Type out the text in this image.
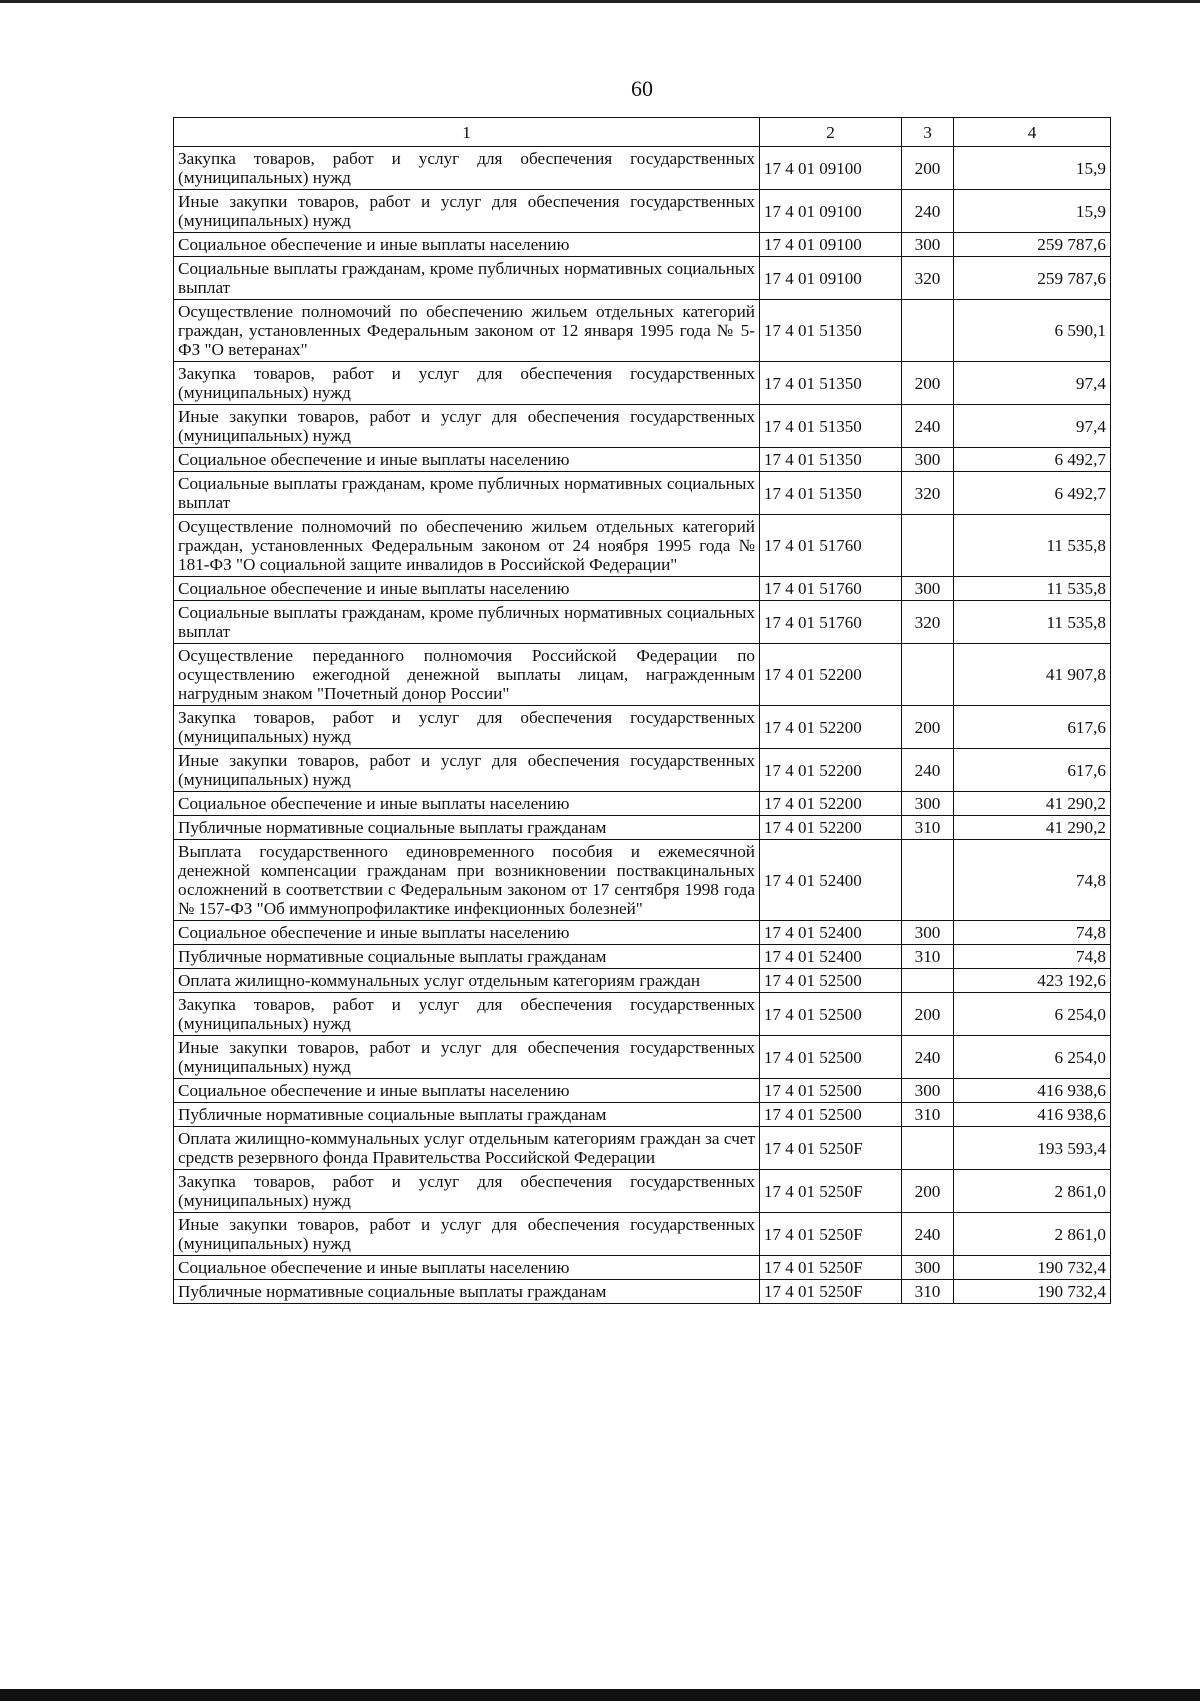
60
1	2	3	4
Закупка товаров, работ и услуг для обеспечения государственных (муниципальных) нужд	17 4 01 09100	200	15,9
Иные закупки товаров, работ и услуг для обеспечения государственных (муниципальных) нужд	17 4 01 09100	240	15,9
Социальное обеспечение и иные выплаты населению	17 4 01 09100	300	259 787,6
Социальные выплаты гражданам, кроме публичных нормативных социальных выплат	17 4 01 09100	320	259 787,6
Осуществление полномочий по обеспечению жильем отдельных категорий граждан, установленных Федеральным законом от 12 января 1995 года № 5-ФЗ "О ветеранах"	17 4 01 51350		6 590,1
Закупка товаров, работ и услуг для обеспечения государственных (муниципальных) нужд	17 4 01 51350	200	97,4
Иные закупки товаров, работ и услуг для обеспечения государственных (муниципальных) нужд	17 4 01 51350	240	97,4
Социальное обеспечение и иные выплаты населению	17 4 01 51350	300	6 492,7
Социальные выплаты гражданам, кроме публичных нормативных социальных выплат	17 4 01 51350	320	6 492,7
Осуществление полномочий по обеспечению жильем отдельных категорий граждан, установленных Федеральным законом от 24 ноября 1995 года № 181-ФЗ "О социальной защите инвалидов в Российской Федерации"	17 4 01 51760		11 535,8
Социальное обеспечение и иные выплаты населению	17 4 01 51760	300	11 535,8
Социальные выплаты гражданам, кроме публичных нормативных социальных выплат	17 4 01 51760	320	11 535,8
Осуществление переданного полномочия Российской Федерации по осуществлению ежегодной денежной выплаты лицам, награжденным нагрудным знаком "Почетный донор России"	17 4 01 52200		41 907,8
Закупка товаров, работ и услуг для обеспечения государственных (муниципальных) нужд	17 4 01 52200	200	617,6
Иные закупки товаров, работ и услуг для обеспечения государственных (муниципальных) нужд	17 4 01 52200	240	617,6
Социальное обеспечение и иные выплаты населению	17 4 01 52200	300	41 290,2
Публичные нормативные социальные выплаты гражданам	17 4 01 52200	310	41 290,2
Выплата государственного единовременного пособия и ежемесячной денежной компенсации гражданам при возникновении поствакцинальных осложнений в соответствии с Федеральным законом от 17 сентября 1998 года № 157-ФЗ "Об иммунопрофилактике инфекционных болезней"	17 4 01 52400		74,8
Социальное обеспечение и иные выплаты населению	17 4 01 52400	300	74,8
Публичные нормативные социальные выплаты гражданам	17 4 01 52400	310	74,8
Оплата жилищно-коммунальных услуг отдельным категориям граждан	17 4 01 52500		423 192,6
Закупка товаров, работ и услуг для обеспечения государственных (муниципальных) нужд	17 4 01 52500	200	6 254,0
Иные закупки товаров, работ и услуг для обеспечения государственных (муниципальных) нужд	17 4 01 52500	240	6 254,0
Социальное обеспечение и иные выплаты населению	17 4 01 52500	300	416 938,6
Публичные нормативные социальные выплаты гражданам	17 4 01 52500	310	416 938,6
Оплата жилищно-коммунальных услуг отдельным категориям граждан за счет средств резервного фонда Правительства Российской Федерации	17 4 01 5250F		193 593,4
Закупка товаров, работ и услуг для обеспечения государственных (муниципальных) нужд	17 4 01 5250F	200	2 861,0
Иные закупки товаров, работ и услуг для обеспечения государственных (муниципальных) нужд	17 4 01 5250F	240	2 861,0
Социальное обеспечение и иные выплаты населению	17 4 01 5250F	300	190 732,4
Публичные нормативные социальные выплаты гражданам	17 4 01 5250F	310	190 732,4
